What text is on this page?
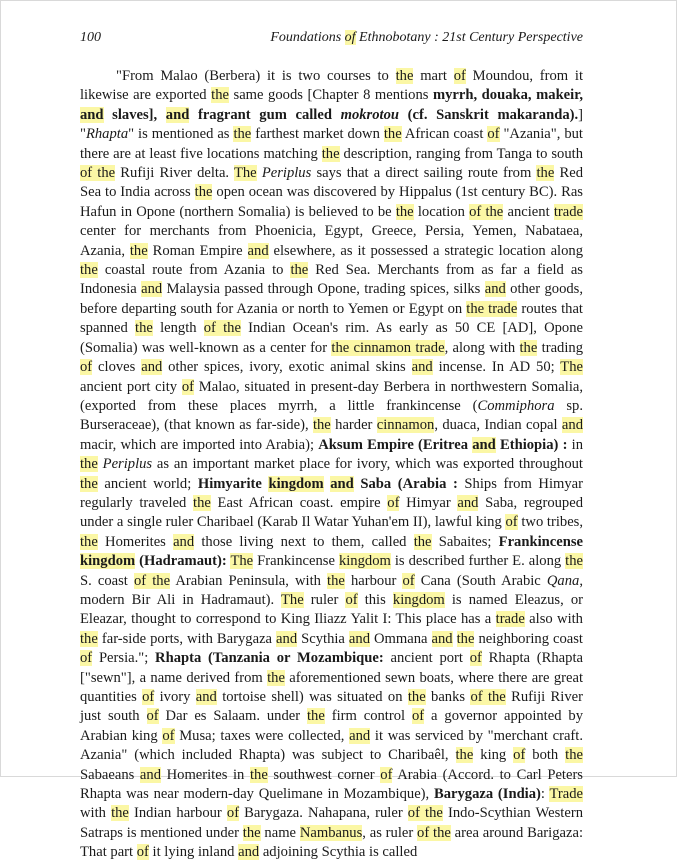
100	Foundations of Ethnobotany : 21st Century Perspective

"From Malao (Berbera) it is two courses to the mart of Moundou, from it likewise are exported the same goods [Chapter 8 mentions myrrh, douaka, makeir, and slaves], and fragrant gum called mokrotou (cf. Sanskrit makaranda).] "Rhapta" is mentioned as the farthest market down the African coast of "Azania", but there are at least five locations matching the description, ranging from Tanga to south of the Rufiji River delta. The Periplus says that a direct sailing route from the Red Sea to India across the open ocean was discovered by Hippalus (1st century BC). Ras Hafun in Opone (northern Somalia) is believed to be the location of the ancient trade center for merchants from Phoenicia, Egypt, Greece, Persia, Yemen, Nabataea, Azania, the Roman Empire and elsewhere, as it possessed a strategic location along the coastal route from Azania to the Red Sea. Merchants from as far a field as Indonesia and Malaysia passed through Opone, trading spices, silks and other goods, before departing south for Azania or north to Yemen or Egypt on the trade routes that spanned the length of the Indian Ocean's rim. As early as 50 CE [AD], Opone (Somalia) was well-known as a center for the cinnamon trade, along with the trading of cloves and other spices, ivory, exotic animal skins and incense. In AD 50; The ancient port city of Malao, situated in present-day Berbera in northwestern Somalia, (exported from these places myrrh, a little frankincense (Commiphora sp. Burseraceae), (that known as far-side), the harder cinnamon, duaca, Indian copal and macir, which are imported into Arabia); Aksum Empire (Eritrea and Ethiopia) : in the Periplus as an important market place for ivory, which was exported throughout the ancient world; Himyarite kingdom and Saba (Arabia : Ships from Himyar regularly traveled the East African coast. empire of Himyar and Saba, regrouped under a single ruler Charibael (Karab Il Watar Yuhan'em II), lawful king of two tribes, the Homerites and those living next to them, called the Sabaites; Frankincense kingdom (Hadramaut): The Frankincense kingdom is described further E. along the S. coast of the Arabian Peninsula, with the harbour of Cana (South Arabic Qana, modern Bir Ali in Hadramaut). The ruler of this kingdom is named Eleazus, or Eleazar, thought to correspond to King Iliazz Yalit I: This place has a trade also with the far-side ports, with Barygaza and Scythia and Ommana and the neighboring coast of Persia."; Rhapta (Tanzania or Mozambique: ancient port of Rhapta (Rhapta ["sewn"], a name derived from the aforementioned sewn boats, where there are great quantities of ivory and tortoise shell) was situated on the banks of the Rufiji River just south of Dar es Salaam. under the firm control of a governor appointed by Arabian king of Musa; taxes were collected, and it was serviced by "merchant craft. Azania" (which included Rhapta) was subject to Charibaêl, the king of both the Sabaeans and Homerites in the southwest corner of Arabia (Accord. to Carl Peters Rhapta was near modern-day Quelimane in Mozambique), Barygaza (India): Trade with the Indian harbour of Barygaza. Nahapana, ruler of the Indo-Scythian Western Satraps is mentioned under the name Nambanus, as ruler of the area around Barigaza: That part of it lying inland and adjoining Scythia is called
